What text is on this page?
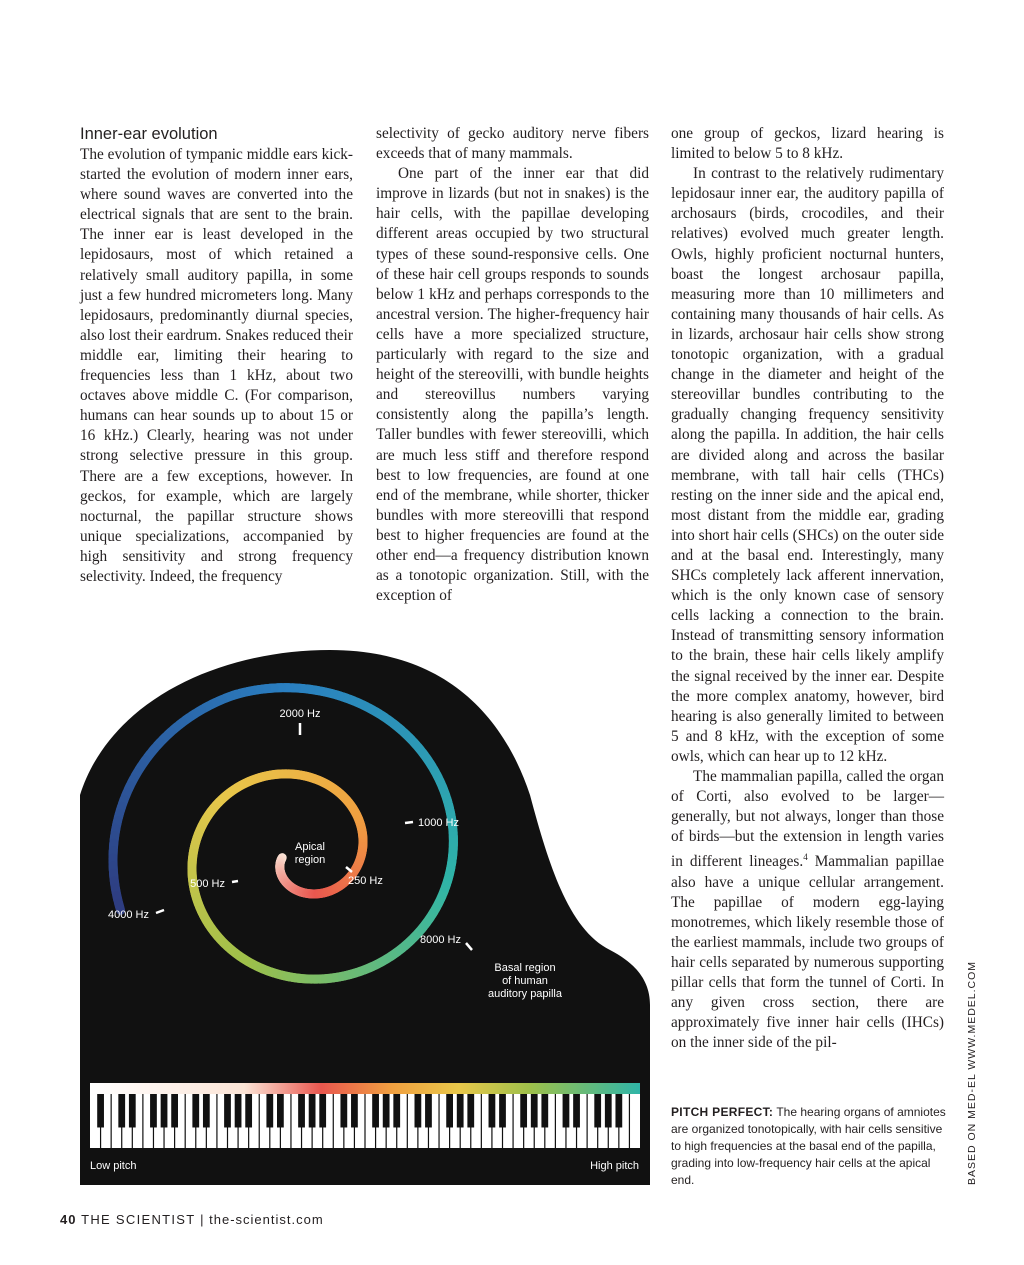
Inner-ear evolution

The evolution of tympanic middle ears kick-started the evolution of modern inner ears, where sound waves are converted into the electrical signals that are sent to the brain. The inner ear is least developed in the lepidosaurs, most of which retained a relatively small auditory papilla, in some just a few hundred micrometers long. Many lepidosaurs, predominantly diurnal species, also lost their eardrum. Snakes reduced their middle ear, limiting their hearing to frequencies less than 1 kHz, about two octaves above middle C. (For comparison, humans can hear sounds up to about 15 or 16 kHz.) Clearly, hearing was not under strong selective pressure in this group. There are a few exceptions, however. In geckos, for example, which are largely nocturnal, the papillar structure shows unique specializations, accompanied by high sensitivity and strong frequency selectivity. Indeed, the frequency

selectivity of gecko auditory nerve fibers exceeds that of many mammals.

One part of the inner ear that did improve in lizards (but not in snakes) is the hair cells, with the papillae developing different areas occupied by two structural types of these sound-responsive cells. One of these hair cell groups responds to sounds below 1 kHz and perhaps corresponds to the ancestral version. The higher-frequency hair cells have a more specialized structure, particularly with regard to the size and height of the stereovilli, with bundle heights and stereovillus numbers varying consistently along the papilla’s length. Taller bundles with fewer stereovilli, which are much less stiff and therefore respond best to low frequencies, are found at one end of the membrane, while shorter, thicker bundles with more stereovilli that respond best to higher frequencies are found at the other end—a frequency distribution known as a tonotopic organization. Still, with the exception of

one group of geckos, lizard hearing is limited to below 5 to 8 kHz.

In contrast to the relatively rudimentary lepidosaur inner ear, the auditory papilla of archosaurs (birds, crocodiles, and their relatives) evolved much greater length. Owls, highly proficient nocturnal hunters, boast the longest archosaur papilla, measuring more than 10 millimeters and containing many thousands of hair cells. As in lizards, archosaur hair cells show strong tonotopic organization, with a gradual change in the diameter and height of the stereovillar bundles contributing to the gradually changing frequency sensitivity along the papilla. In addition, the hair cells are divided along and across the basilar membrane, with tall hair cells (THCs) resting on the inner side and the apical end, most distant from the middle ear, grading into short hair cells (SHCs) on the outer side and at the basal end. Interestingly, many SHCs completely lack afferent innervation, which is the only known case of sensory cells lacking a connection to the brain. Instead of transmitting sensory information to the brain, these hair cells likely amplify the signal received by the inner ear. Despite the more complex anatomy, however, bird hearing is also generally limited to between 5 and 8 kHz, with the exception of some owls, which can hear up to 12 kHz.

The mammalian papilla, called the organ of Corti, also evolved to be larger—generally, but not always, longer than those of birds—but the extension in length varies in different lineages.$^4$ Mammalian papillae also have a unique cellular arrangement. The papillae of modern egg-laying monotremes, which likely resemble those of the earliest mammals, include two groups of hair cells separated by numerous supporting pillar cells that form the tunnel of Corti. In any given cross section, there are approximately five inner hair cells (IHCs) on the inner side of the pil-

2000 Hz
1000 Hz
250 Hz
500 Hz
4000 Hz
8000 Hz
Apical
region
Basal region
of human
auditory papilla
Low pitch	High pitch
PITCH PERFECT: The hearing organs of amniotes are organized tonotopically, with hair cells sensitive to high frequencies at the basal end of the papilla, grading into low-frequency hair cells at the apical end.	BASED ON MED-EL WWW.MEDEL.COM
40 THE SCIENTIST | the-scientist.com
